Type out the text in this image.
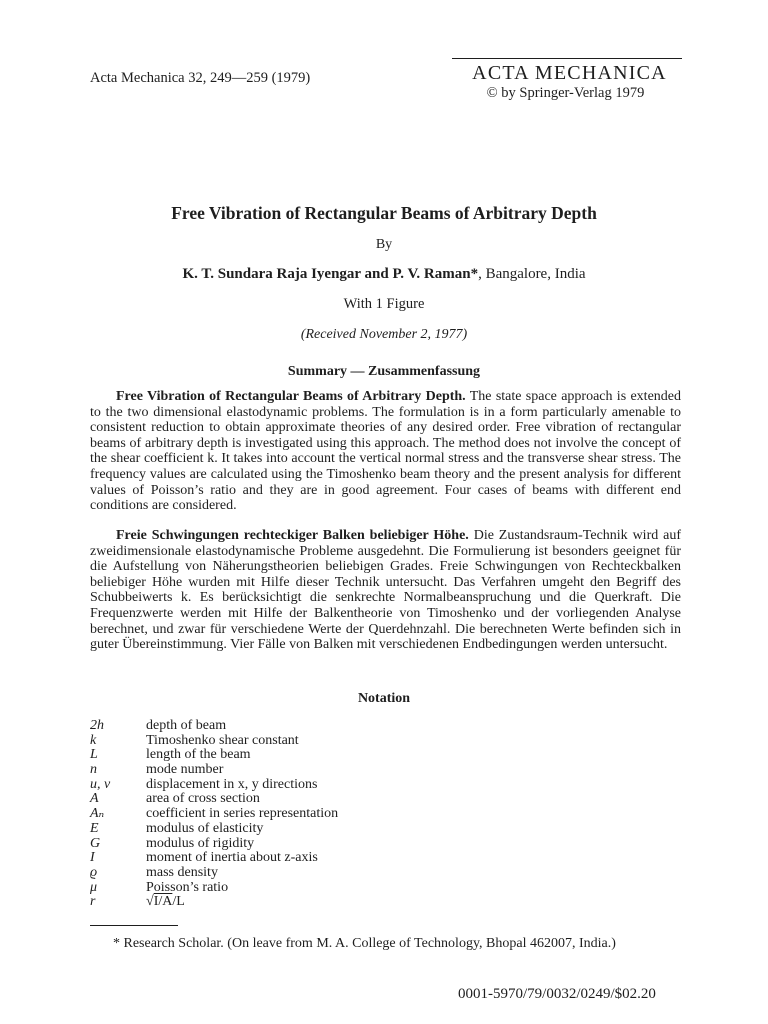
Acta Mechanica 32, 249—259 (1979)	ACTA MECHANICA
© by Springer-Verlag 1979
Free Vibration of Rectangular Beams of Arbitrary Depth
By
K. T. Sundara Raja Iyengar and P. V. Raman*, Bangalore, India
With 1 Figure
(Received November 2, 1977)
Summary — Zusammenfassung
Free Vibration of Rectangular Beams of Arbitrary Depth. The state space approach is extended to the two dimensional elastodynamic problems. The formulation is in a form particularly amenable to consistent reduction to obtain approximate theories of any desired order. Free vibration of rectangular beams of arbitrary depth is investigated using this approach. The method does not involve the concept of the shear coefficient k. It takes into account the vertical normal stress and the transverse shear stress. The frequency values are calculated using the Timoshenko beam theory and the present analysis for different values of Poisson’s ratio and they are in good agreement. Four cases of beams with different end conditions are considered.
Freie Schwingungen rechteckiger Balken beliebiger Höhe. Die Zustandsraum-Technik wird auf zweidimensionale elastodynamische Probleme ausgedehnt. Die Formulierung ist besonders geeignet für die Aufstellung von Näherungstheorien beliebigen Grades. Freie Schwingungen von Rechteckbalken beliebiger Höhe wurden mit Hilfe dieser Technik untersucht. Das Verfahren umgeht den Begriff des Schubbeiwerts k. Es berücksichtigt die senkrechte Normalbeanspruchung und die Querkraft. Die Frequenzwerte werden mit Hilfe der Balkentheorie von Timoshenko und der vorliegenden Analyse berechnet, und zwar für verschiedene Werte der Querdehnzahl. Die berechneten Werte befinden sich in guter Übereinstimmung. Vier Fälle von Balken mit verschiedenen Endbedingungen werden untersucht.
Notation
2h	depth of beam
k	Timoshenko shear constant
L	length of the beam
n	mode number
u, v	displacement in x, y directions
A	area of cross section
Aₙ	coefficient in series representation
E	modulus of elasticity
G	modulus of rigidity
I	moment of inertia about z-axis
ϱ	mass density
μ	Poisson’s ratio
r	√I/A/L
* Research Scholar. (On leave from M. A. College of Technology, Bhopal 462007, India.)
0001-5970/79/0032/0249/$02.20
